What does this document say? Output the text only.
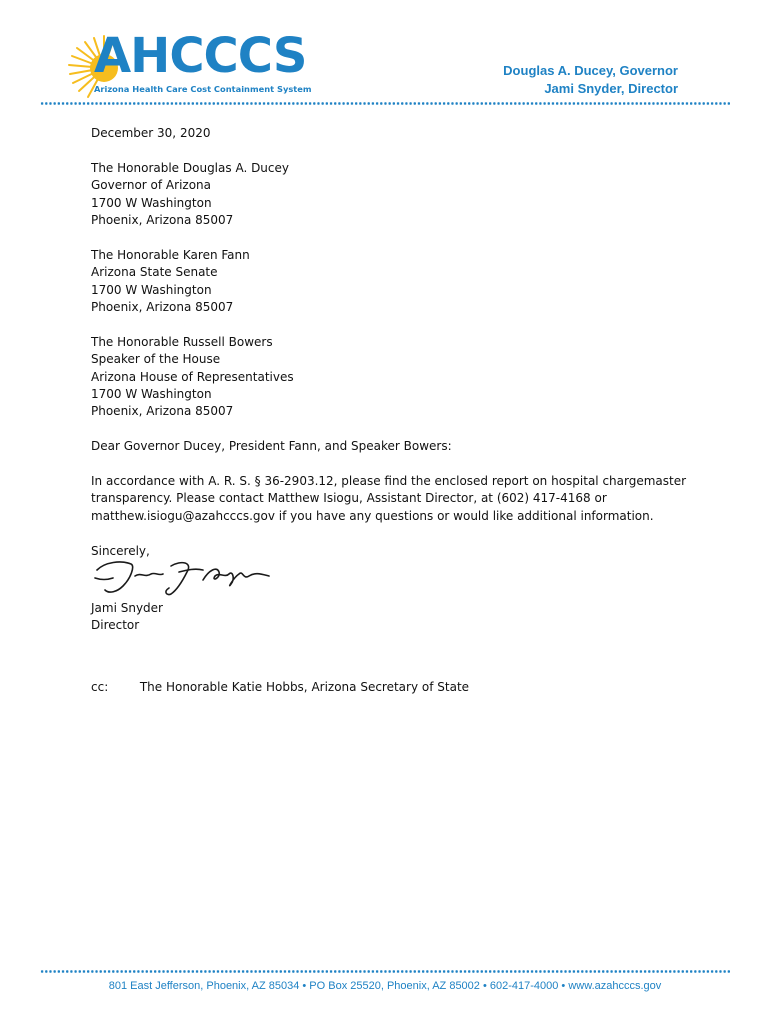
AHCCCS
Arizona Health Care Cost Containment System
Douglas A. Ducey, Governor
Jami Snyder, Director

December 30, 2020

The Honorable Douglas A. Ducey
Governor of Arizona
1700 W Washington
Phoenix, Arizona 85007

The Honorable Karen Fann
Arizona State Senate
1700 W Washington
Phoenix, Arizona 85007

The Honorable Russell Bowers
Speaker of the House
Arizona House of Representatives
1700 W Washington
Phoenix, Arizona 85007

Dear Governor Ducey, President Fann, and Speaker Bowers:

In accordance with A. R. S. § 36-2903.12, please find the enclosed report on hospital chargemaster
transparency. Please contact Matthew Isiogu, Assistant Director, at (602) 417-4168 or
matthew.isiogu@azahcccs.gov if you have any questions or would like additional information.

Sincerely,

Jami Snyder
Director
cc:	The Honorable Katie Hobbs, Arizona Secretary of State
801 East Jefferson, Phoenix, AZ 85034 • PO Box 25520, Phoenix, AZ 85002 • 602-417-4000 • www.azahcccs.gov
